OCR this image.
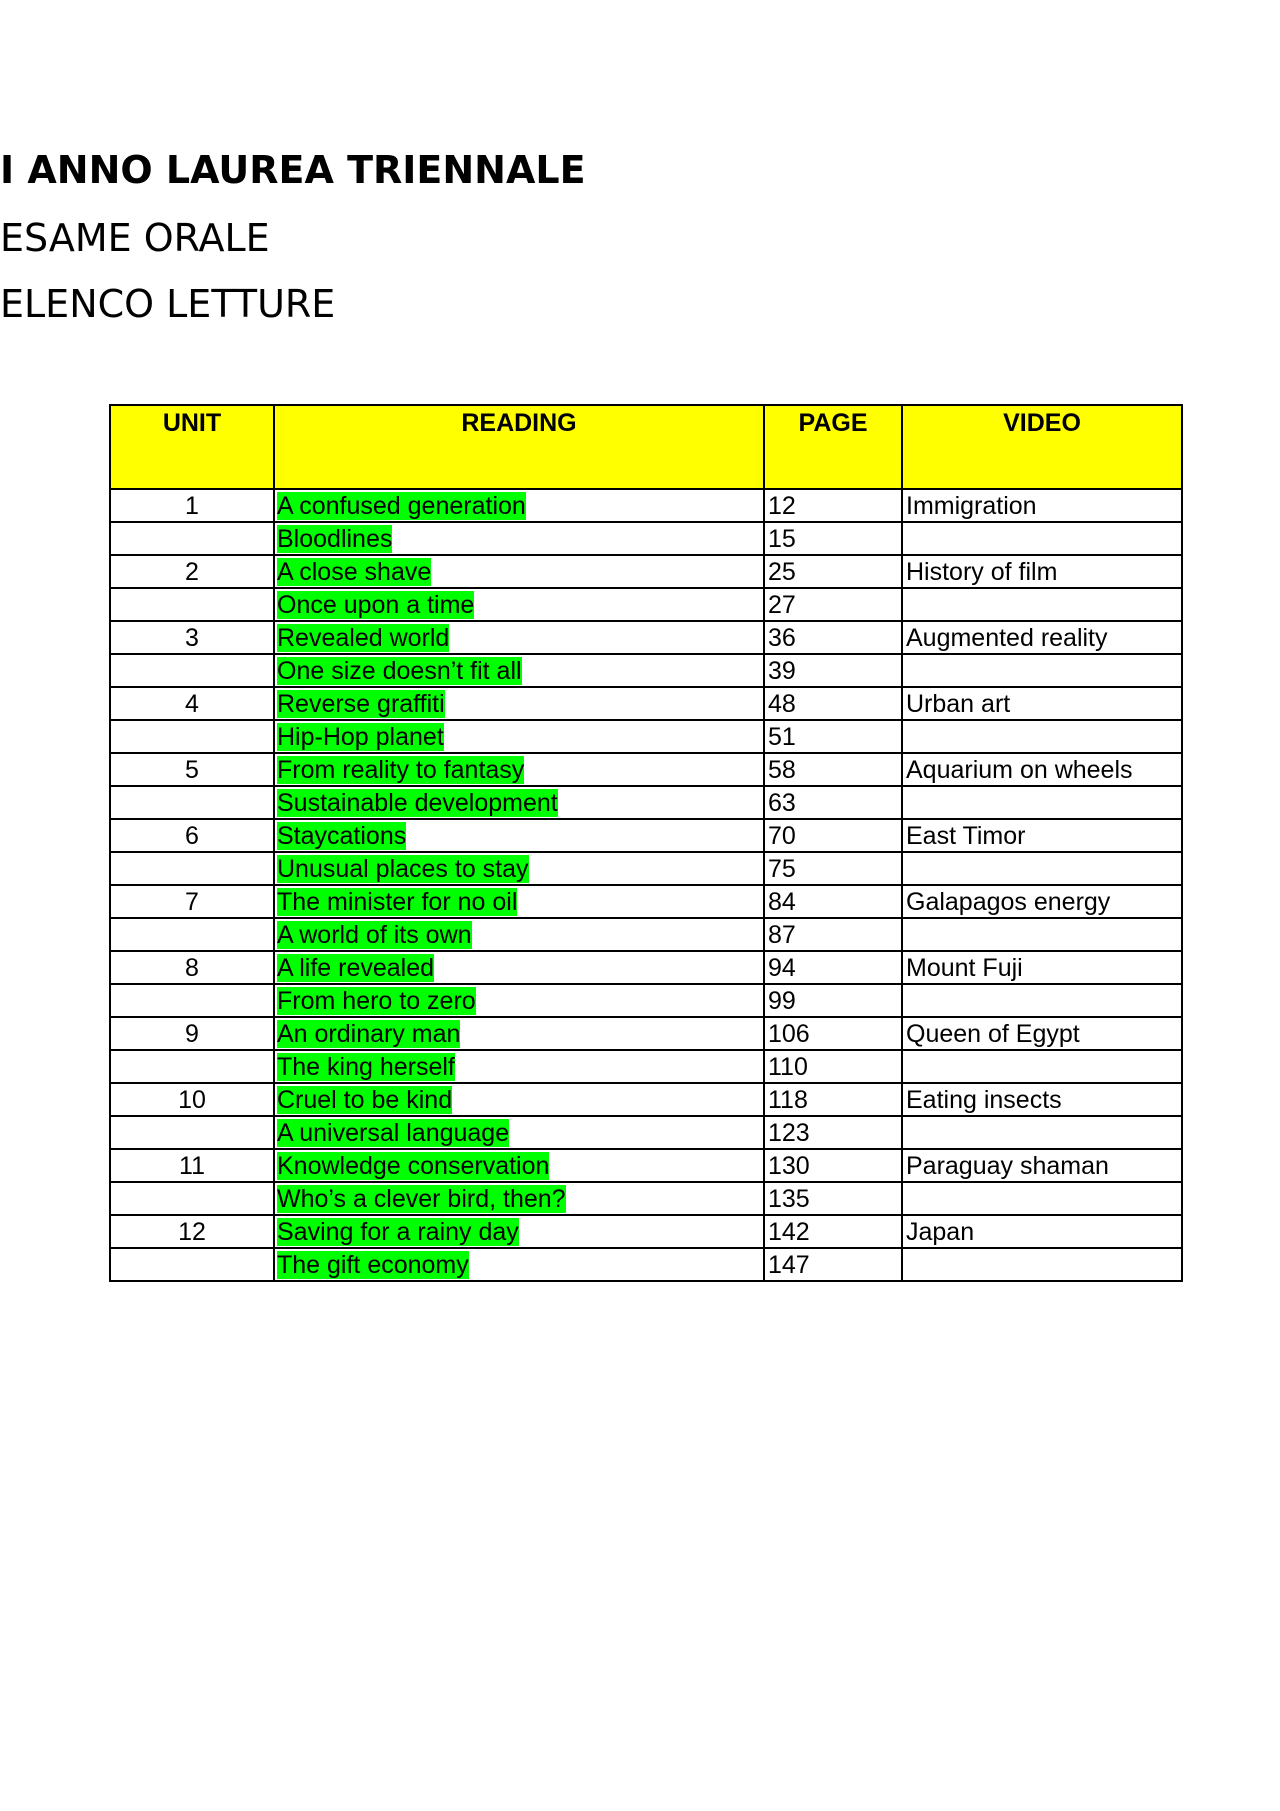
I ANNO LAUREA TRIENNALE
ESAME ORALE
ELENCO LETTURE
UNIT	READING	PAGE	VIDEO
1	A confused generation	12	Immigration
	Bloodlines	15	
2	A close shave	25	History of film
	Once upon a time	27	
3	Revealed world	36	Augmented reality
	One size doesn’t fit all	39	
4	Reverse graffiti	48	Urban art
	Hip-Hop planet	51	
5	From reality to fantasy	58	Aquarium on wheels
	Sustainable development	63	
6	Staycations	70	East Timor
	Unusual places to stay	75	
7	The minister for no oil	84	Galapagos energy
	A world of its own	87	
8	A life revealed	94	Mount Fuji
	From hero to zero	99	
9	An ordinary man	106	Queen of Egypt
	The king herself	110	
10	Cruel to be kind	118	Eating insects
	A universal language	123	
11	Knowledge conservation	130	Paraguay shaman
	Who’s a clever bird, then?	135	
12	Saving for a rainy day	142	Japan
	The gift economy	147	
